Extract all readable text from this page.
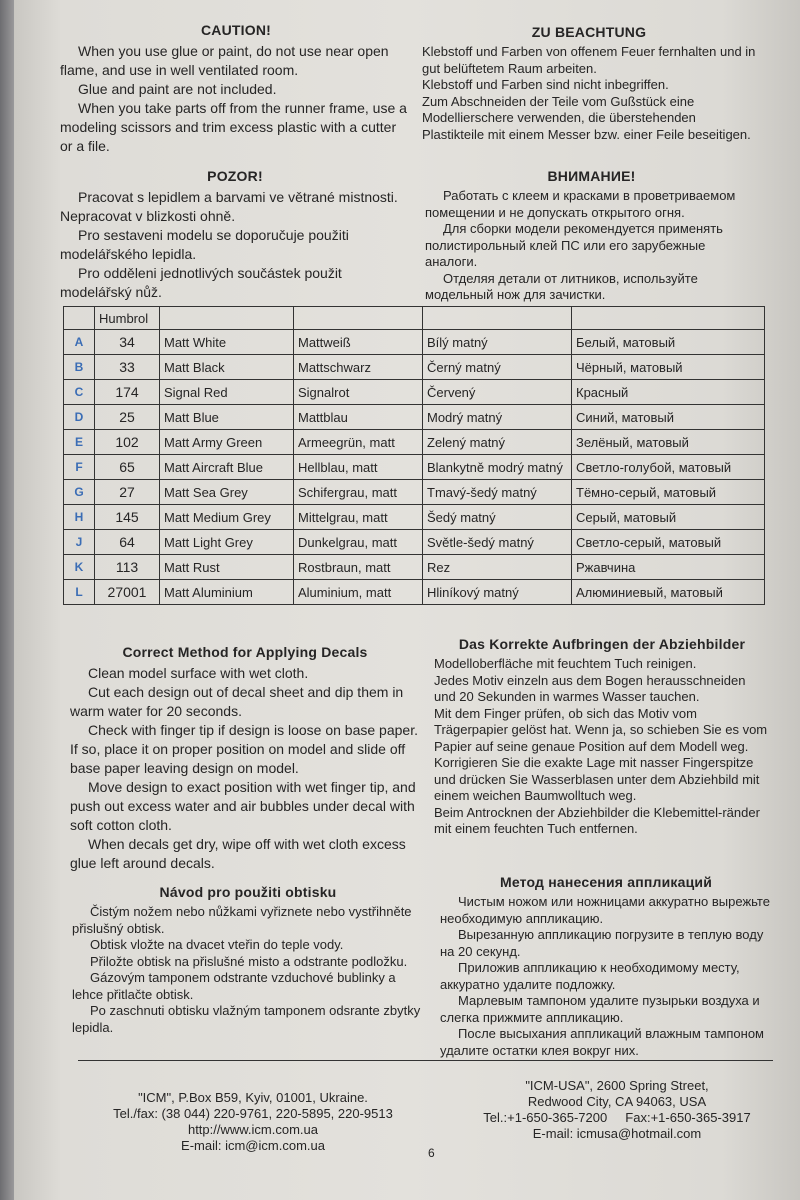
CAUTION!

When you use glue or paint, do not use near open flame, and use in well ventilated room.

Glue and paint are not included.

When you take parts off from the runner frame, use a modeling scissors and trim excess plastic with a cutter or a file.

ZU BEACHTUNG

Klebstoff und Farben von offenem Feuer fernhalten und in gut belüftetem Raum arbeiten.

Klebstoff und Farben sind nicht inbegriffen.

Zum Abschneiden der Teile vom Gußstück eine Modellierschere verwenden, die überstehenden Plastikteile mit einem Messer bzw. einer Feile beseitigen.

POZOR!

Pracovat s lepidlem a barvami ve větrané mistnosti. Nepracovat v blizkosti ohně.

Pro sestaveni modelu se doporučuje použiti modelářského lepidla.

Pro odděleni jednotlivých součástek použit modelářský nůž.

ВНИМАНИЕ!

Работать с клеем и красками в проветриваемом помещении и не допускать открытого огня.

Для сборки модели рекомендуется применять полистирольный клей ПС или его зарубежные аналоги.

Отделяя детали от литников, используйте модельный нож для зачистки.

	Humbrol				
A	34	Matt White	Mattweiß	Bílý matný	Белый, матовый
B	33	Matt Black	Mattschwarz	Černý matný	Чёрный, матовый
C	174	Signal Red	Signalrot	Červený	Красный
D	25	Matt Blue	Mattblau	Modrý matný	Синий, матовый
E	102	Matt Army Green	Armeegrün, matt	Zelený matný	Зелёный, матовый
F	65	Matt Aircraft Blue	Hellblau, matt	Blankytně modrý matný	Светло-голубой, матовый
G	27	Matt Sea Grey	Schifergrau, matt	Tmavý-šedý matný	Тёмно-серый, матовый
H	145	Matt Medium Grey	Mittelgrau, matt	Šedý matný	Серый, матовый
J	64	Matt Light Grey	Dunkelgrau, matt	Světle-šedý matný	Светло-серый, матовый
K	113	Matt Rust	Rostbraun, matt	Rez	Ржавчина
L	27001	Matt Aluminium	Aluminium, matt	Hliníkový matný	Алюминиевый, матовый
Correct Method for Applying Decals

Clean model surface with wet cloth.

Cut each design out of decal sheet and dip them in warm water for 20 seconds.

Check with finger tip if design is loose on base paper. If so, place it on proper position on model and slide off base paper leaving design on model.

Move design to exact position with wet finger tip, and push out excess water and air bubbles under decal with soft cotton cloth.

When decals get dry, wipe off with wet cloth excess glue left around decals.

Das Korrekte Aufbringen der Abziehbilder

Modelloberfläche mit feuchtem Tuch reinigen.

Jedes Motiv einzeln aus dem Bogen herausschneiden und 20 Sekunden in warmes Wasser tauchen.

Mit dem Finger prüfen, ob sich das Motiv vom Trägerpapier gelöst hat. Wenn ja, so schieben Sie es vom Papier auf seine genaue Position auf dem Modell weg.

Korrigieren Sie die exakte Lage mit nasser Fingerspitze und drücken Sie Wasserblasen unter dem Abziehbild mit einem weichen Baumwolltuch weg.

Beim Antrocknen der Abziehbilder die Klebemittel-ränder mit einem feuchten Tuch entfernen.

Návod pro použiti obtisku

Čistým nožem nebo nůžkami vyřiznete nebo vystřihněte přislušný obtisk.

Obtisk vložte na dvacet vteřin do teple vody.

Přiložte obtisk na přislušné misto a odstrante podložku.

Gázovým tamponem odstrante vzduchové bublinky a lehce přitlačte obtisk.

Po zaschnuti obtisku vlažným tamponem odsrante zbytky lepidla.

Метод нанесения аппликаций

Чистым ножом или ножницами аккуратно вырежьте необходимую аппликацию.

Вырезанную аппликацию погрузите в теплую воду на 20 секунд.

Приложив аппликацию к необходимому месту, аккуратно удалите подложку.

Марлевым тампоном удалите пузырьки воздуха и слегка прижмите аппликацию.

После высыхания аппликаций влажным тампоном удалите остатки клея вокруг них.

"ICM", P.Box B59, Kyiv, 01001, Ukraine.
Tel./fax: (38 044) 220-9761, 220-5895, 220-9513
http://www.icm.com.ua
E-mail: icm@icm.com.ua
"ICM-USA", 2600 Spring Street,
Redwood City, CA 94063, USA
Tel.:+1-650-365-7200 Fax:+1-650-365-3917
E-mail: icmusa@hotmail.com
6
